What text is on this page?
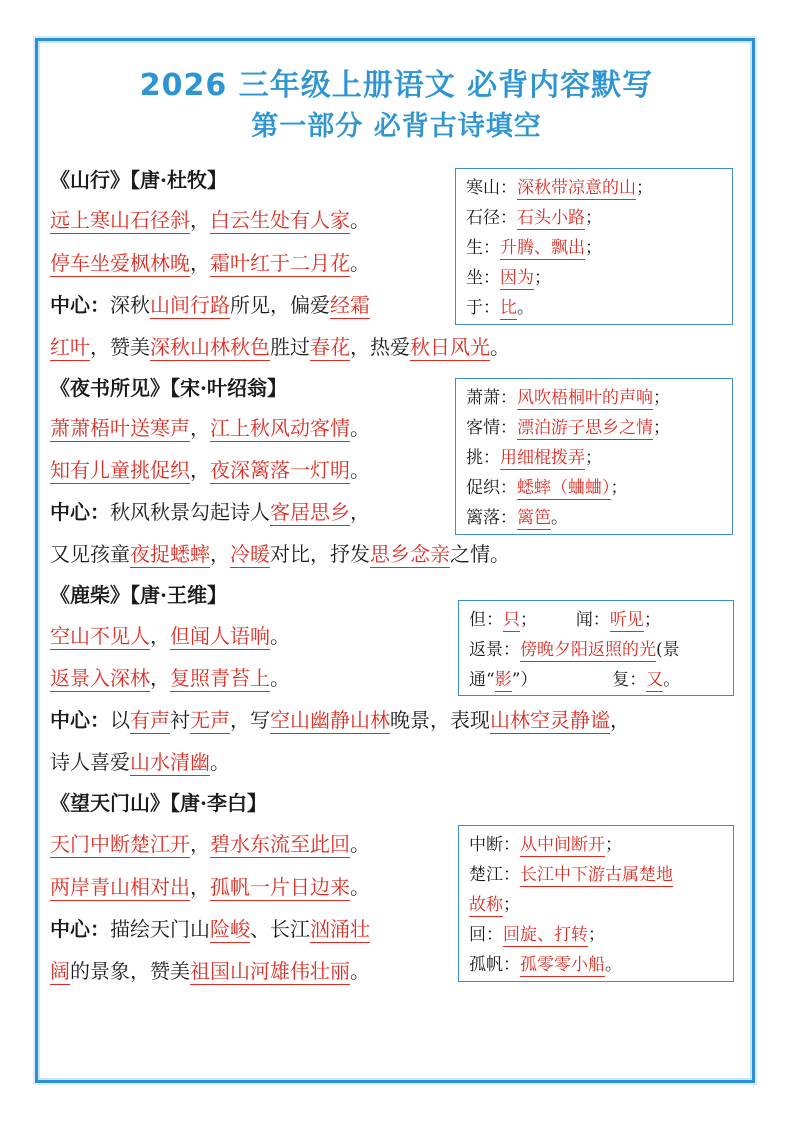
2026 三年级上册语文 必背内容默写
第一部分 必背古诗填空
《山行》【唐·杜牧】
远上寒山石径斜，白云生处有人家。
停车坐爱枫林晚，霜叶红于二月花。
中心：深秋山间行路所见，偏爱经霜
红叶，赞美深秋山林秋色胜过春花，热爱秋日风光。
寒山：深秋带凉意的山；
石径：石头小路；
生：升腾、飘出；
坐：因为；
于：比。
《夜书所见》【宋·叶绍翁】
萧萧梧叶送寒声，江上秋风动客情。
知有儿童挑促织，夜深篱落一灯明。
中心：秋风秋景勾起诗人客居思乡，
又见孩童夜捉蟋蟀，冷暖对比，抒发思乡念亲之情。
萧萧：风吹梧桐叶的声响；
客情：漂泊游子思乡之情；
挑：用细棍拨弄；
促织：蟋蟀（蛐蛐）；
篱落：篱笆。
《鹿柴》【唐·王维】
空山不见人，但闻人语响。
返景入深林，复照青苔上。
中心：以有声衬无声，写空山幽静山林晚景，表现山林空灵静谧，
诗人喜爱山水清幽。
但：只； 闻：听见；
返景：傍晚夕阳返照的光(景
通“影”）	复：又。
《望天门山》【唐·李白】
天门中断楚江开，碧水东流至此回。
两岸青山相对出，孤帆一片日边来。
中心：描绘天门山险峻、长江汹涌壮
阔的景象，赞美祖国山河雄伟壮丽。
中断：从中间断开；
楚江：长江中下游古属楚地
故称；
回：回旋、打转；
孤帆：孤零零小船。
